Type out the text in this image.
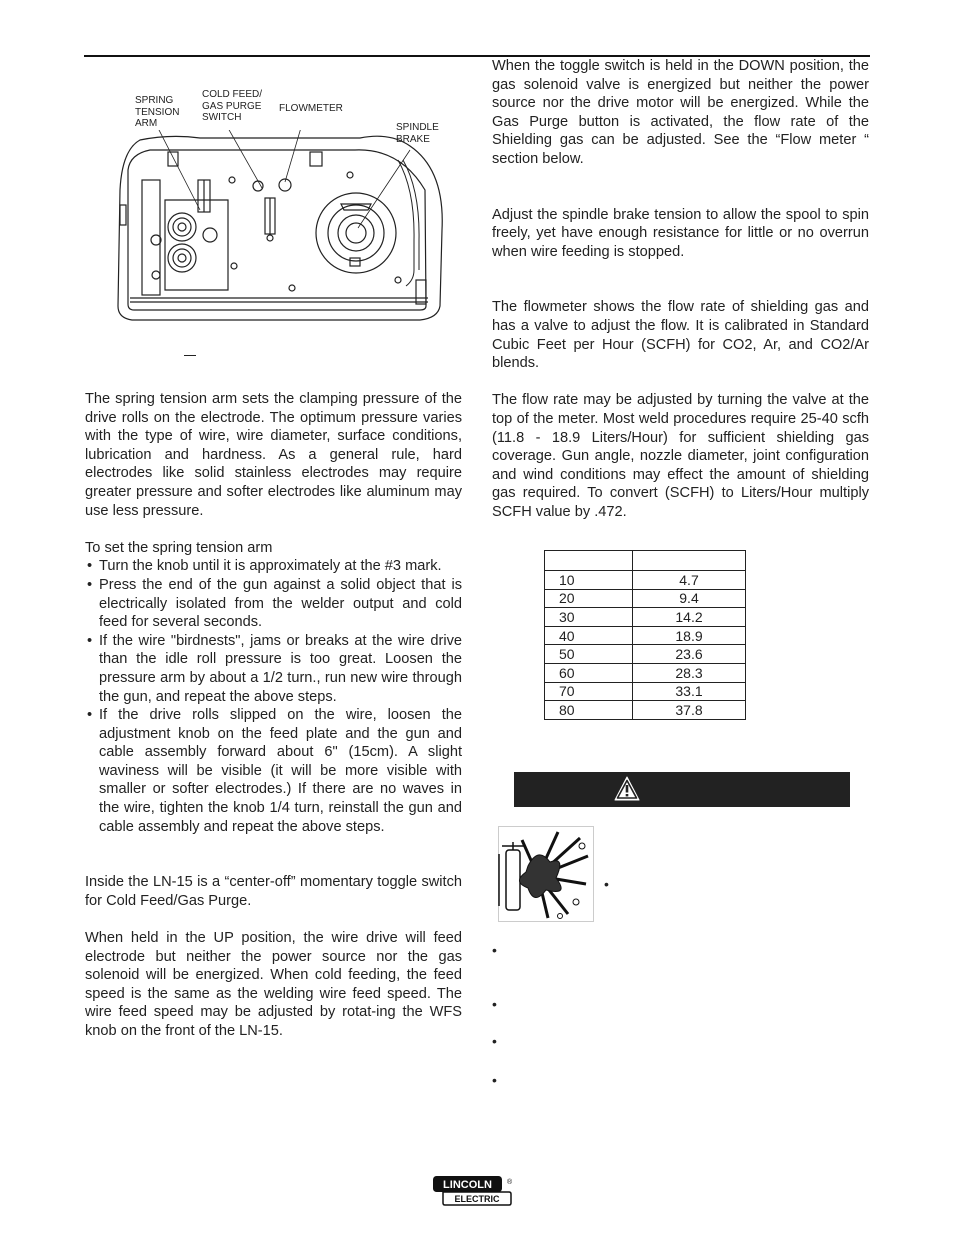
SPRING
TENSION
ARM
COLD FEED/
GAS PURGE
SWITCH
FLOWMETER
SPINDLE
BRAKE

The spring tension arm sets the clamping pressure of the drive rolls on the electrode. The optimum pressure varies with the type of wire, wire diameter, surface conditions, lubrication and hardness. As a general rule, hard electrodes like solid stainless electrodes may require greater pressure and softer electrodes like aluminum may use less pressure.

To set the spring tension arm

• Turn the knob until it is approximately at the #3 mark.
• Press the end of the gun against a solid object that is electrically isolated from the welder output and cold feed for several seconds.
• If the wire "birdnests", jams or breaks at the wire drive than the idle roll pressure is too great. Loosen the pressure arm by about a 1/2 turn., run new wire through the gun, and repeat the above steps.
• If the drive rolls slipped on the wire, loosen the adjustment knob on the feed plate and the gun and cable assembly forward about 6" (15cm). A slight waviness will be visible (it will be more visible with smaller or softer electrodes.) If there are no waves in the wire, tighten the knob 1/4 turn, reinstall the gun and cable assembly and repeat the above steps.

Inside the LN-15 is a “center-off” momentary toggle switch for Cold Feed/Gas Purge.

When held in the UP position, the wire drive will feed electrode but neither the power source nor the gas solenoid will be energized. When cold feeding, the feed speed is the same as the welding wire feed speed. The wire feed speed may be adjusted by rotat-ing the WFS knob on the front of the LN-15.

When the toggle switch is held in the DOWN position, the gas solenoid valve is energized but neither the power source nor the drive motor will be energized. While the Gas Purge button is activated, the flow rate of the Shielding gas can be adjusted. See the “Flow meter “ section below.

Adjust the spindle brake tension to allow the spool to spin freely, yet have enough resistance for little or no overrun when wire feeding is stopped.

The flowmeter shows the flow rate of shielding gas and has a valve to adjust the flow. It is calibrated in Standard Cubic Feet per Hour (SCFH) for CO2, Ar, and CO2/Ar blends.

The flow rate may be adjusted by turning the valve at the top of the meter. Most weld procedures require 25-40 scfh (11.8 - 18.9 Liters/Hour) for sufficient shielding gas coverage. Gun angle, nozzle diameter, joint configuration and wind conditions may effect the amount of shielding gas required. To convert (SCFH) to Liters/Hour multiply SCFH value by .472.

10	4.7
20	9.4
30	14.2
40	18.9
50	23.6
60	28.3
70	33.1
80	37.8
•
•
•
•
•
LINCOLN
ELECTRIC
®
